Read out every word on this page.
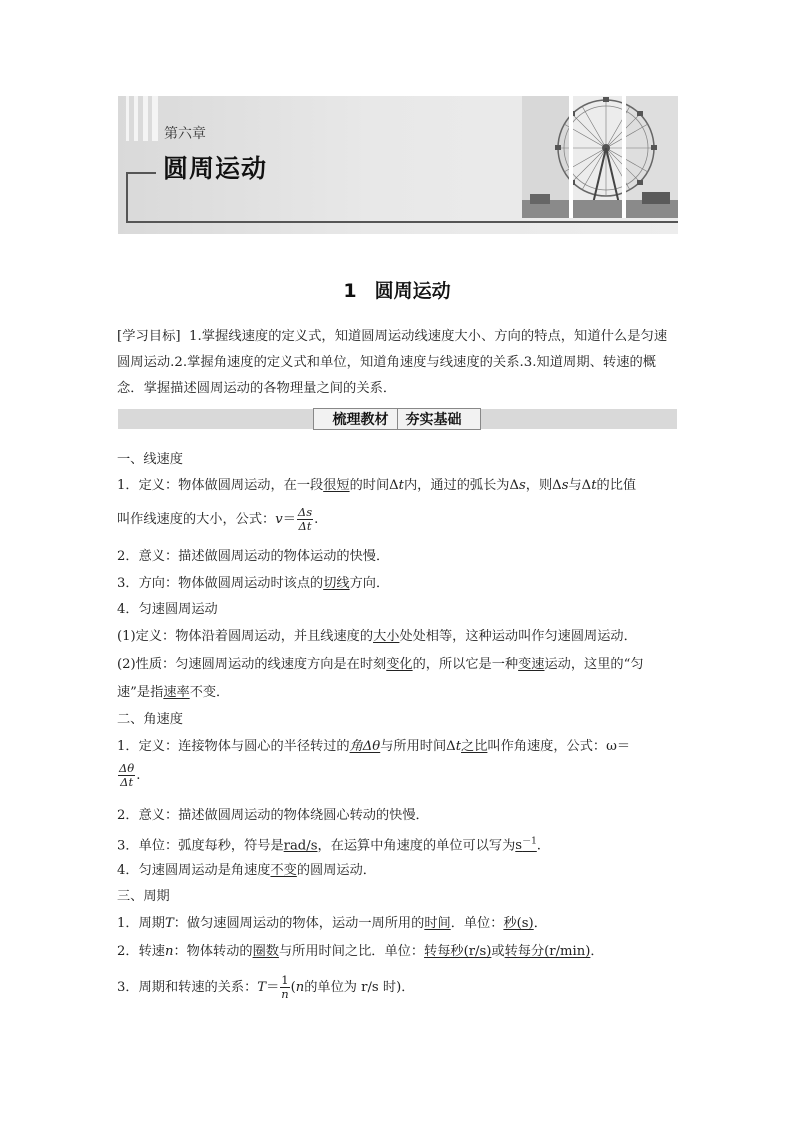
第六章
圆周运动
1 圆周运动
[学习目标] 1.掌握线速度的定义式，知道圆周运动线速度大小、方向的特点，知道什么是匀速圆周运动.2.掌握角速度的定义式和单位，知道角速度与线速度的关系.3.知道周期、转速的概念．掌握描述圆周运动的各物理量之间的关系．
梳理教材 夯实基础
一、线速度
1．定义：物体做圆周运动，在一段很短的时间Δt内，通过的弧长为Δs，则Δs与Δt的比值
叫作线速度的大小，公式：$v= \frac{\Delta s}{\Delta t}$ .
2．意义：描述做圆周运动的物体运动的快慢．
3．方向：物体做圆周运动时该点的切线方向．
4．匀速圆周运动
(1)定义：物体沿着圆周运动，并且线速度的大小处处相等，这种运动叫作匀速圆周运动．
(2)性质：匀速圆周运动的线速度方向是在时刻变化的，所以它是一种变速运动，这里的“匀
速”是指速率不变．
二、角速度
1．定义：连接物体与圆心的半径转过的角Δθ与所用时间Δt之比叫作角速度，公式：ω＝
$\frac{\Delta\theta}{\Delta t}$ .
2．意义：描述做圆周运动的物体绕圆心转动的快慢．
3．单位：弧度每秒，符号是rad/s，在运算中角速度的单位可以写为$s^{-1}$.
4．匀速圆周运动是角速度不变的圆周运动．
三、周期
1．周期T：做匀速圆周运动的物体，运动一周所用的时间．单位：秒(s)．
2．转速n：物体转动的圈数与所用时间之比．单位：转每秒(r/s)或转每分(r/min)．
3．周期和转速的关系：$T= \frac{1}{n} (n$的单位为 r/s 时)．
